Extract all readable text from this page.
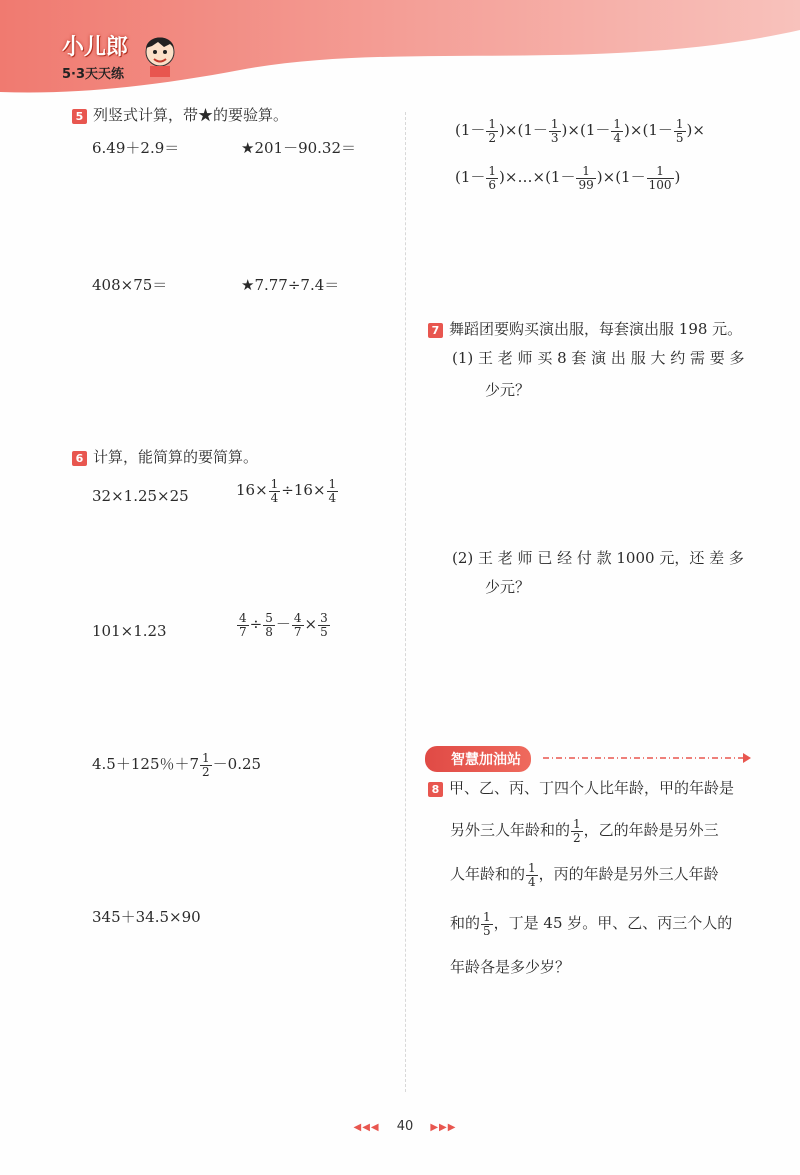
小儿郎
5·3天天练
5 列竖式计算，带★的要验算。
6.49＋2.9＝	★201－90.32＝
408×75＝	★7.77÷7.4＝
6 计算，能简算的要简算。
32×1.25×25	$16\times \frac{1}{4} \div 16\times \frac{1}{4}$
101×1.23	$\frac{4}{7} \div \frac{5}{8} - \frac{4}{7} \times \frac{3}{5}$
4.5＋125％$+7 \frac{1}{2} -0.25$
345＋34.5×90
$(1- \frac{1}{2} )\times(1- \frac{1}{3} )\times(1- \frac{1}{4} )\times(1- \frac{1}{5}$ )×
($1- \frac{1}{6}$ )×…×(1－ $\frac{1}{99} )\times(1- \frac{1}{100}$ )
7 舞蹈团要购买演出服，每套演出服 198 元。
(1) 王 老 师 买 8 套 演 出 服 大 约 需 要 多
少元？
(2) 王 老 师 已 经 付 款 1000 元，还 差 多
少元？
智慧加油站
8 甲、乙、丙、丁四个人比年龄，甲的年龄是
另外三人年龄和的 $\frac{1}{2}$ ，乙的年龄是另外三
人年龄和的 $\frac{1}{4}$ ，丙的年龄是另外三人年龄
和的 $\frac{1}{5}$ ，丁是 45 岁。甲、乙、丙三个人的
年龄各是多少岁？
◀◀◀ 40 ▶▶▶
